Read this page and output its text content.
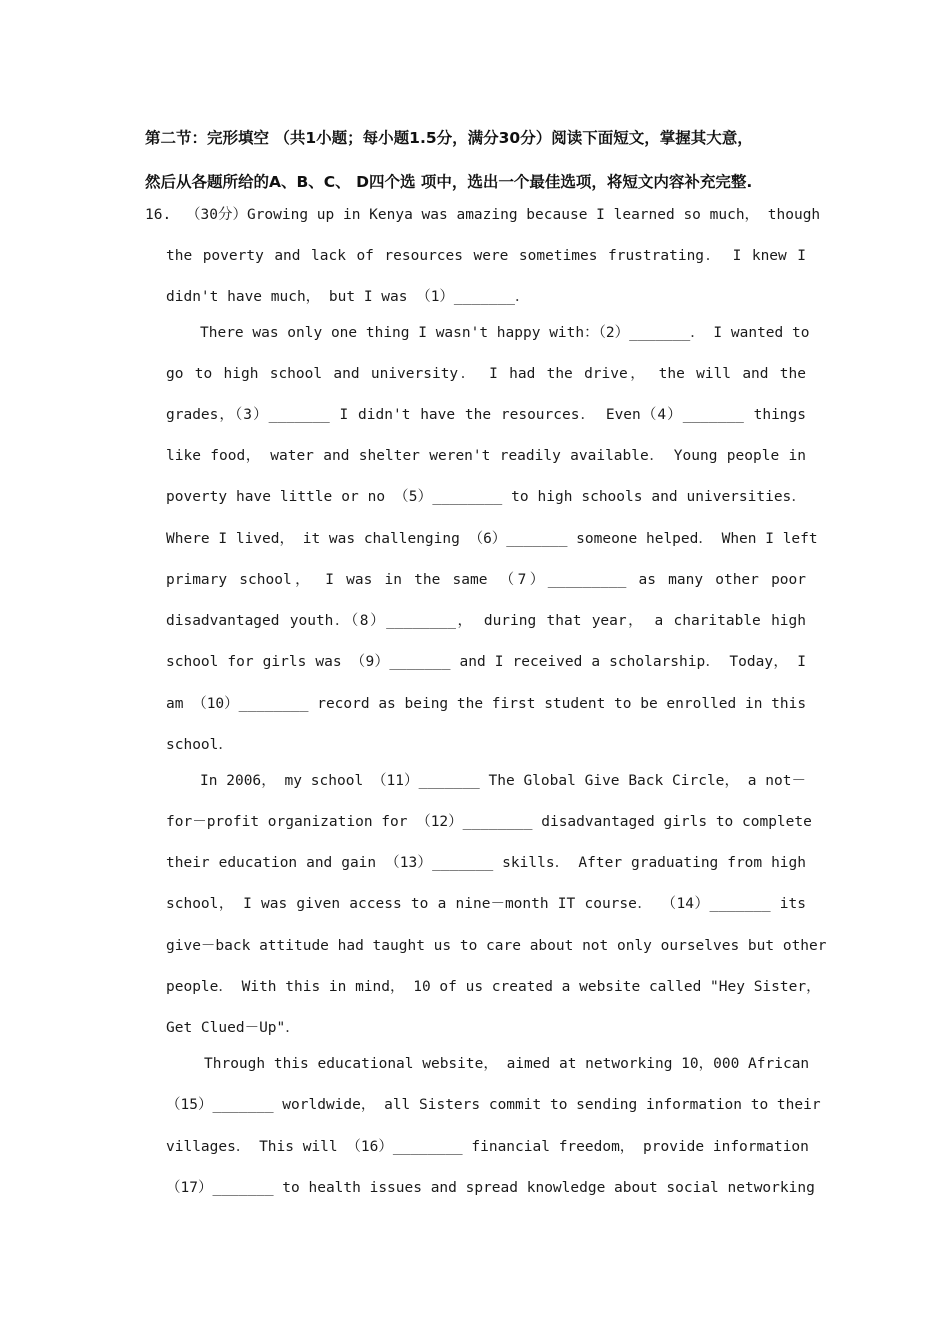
第二节：完形填空 （共1小题；每小题1.5分，满分30分）阅读下面短文，掌握其大意，
然后从各题所给的A、B、C、 D四个选 项中，选出一个最佳选项，将短文内容补充完整.
16. （30分）Growing up in Kenya was amazing because I learned so much， though
the poverty and lack of resources were sometimes frustrating． I knew I
didn't have much， but I was （1）_______．
There was only one thing I wasn't happy with：（2）_______． I wanted to
go to high school and university． I had the drive， the will and the
grades，（3）_______ I didn't have the resources． Even（4）_______ things
like food， water and shelter weren't readily available． Young people in
poverty have little or no （5）________ to high schools and universities．
Where I lived， it was challenging （6）_______ someone helped． When I left
primary school， I was in the same （7）_________ as many other poor
disadvantaged youth．（8）________， during that year， a charitable high
school for girls was （9）_______ and I received a scholarship． Today， I
am （10）________ record as being the first student to be enrolled in this
school．
In 2006， my school （11）_______ The Global Give Back Circle， a not－
for－profit organization for （12）________ disadvantaged girls to complete
their education and gain （13）_______ skills． After graduating from high
school， I was given access to a nine－month IT course． （14）_______ its
give－back attitude had taught us to care about not only ourselves but other
people． With this in mind， 10 of us created a website called "Hey Sister，
Get Clued－Up"．
Through this educational website， aimed at networking 10，000 African
（15）_______ worldwide， all Sisters commit to sending information to their
villages． This will （16）________ financial freedom， provide information
（17）_______ to health issues and spread knowledge about social networking
